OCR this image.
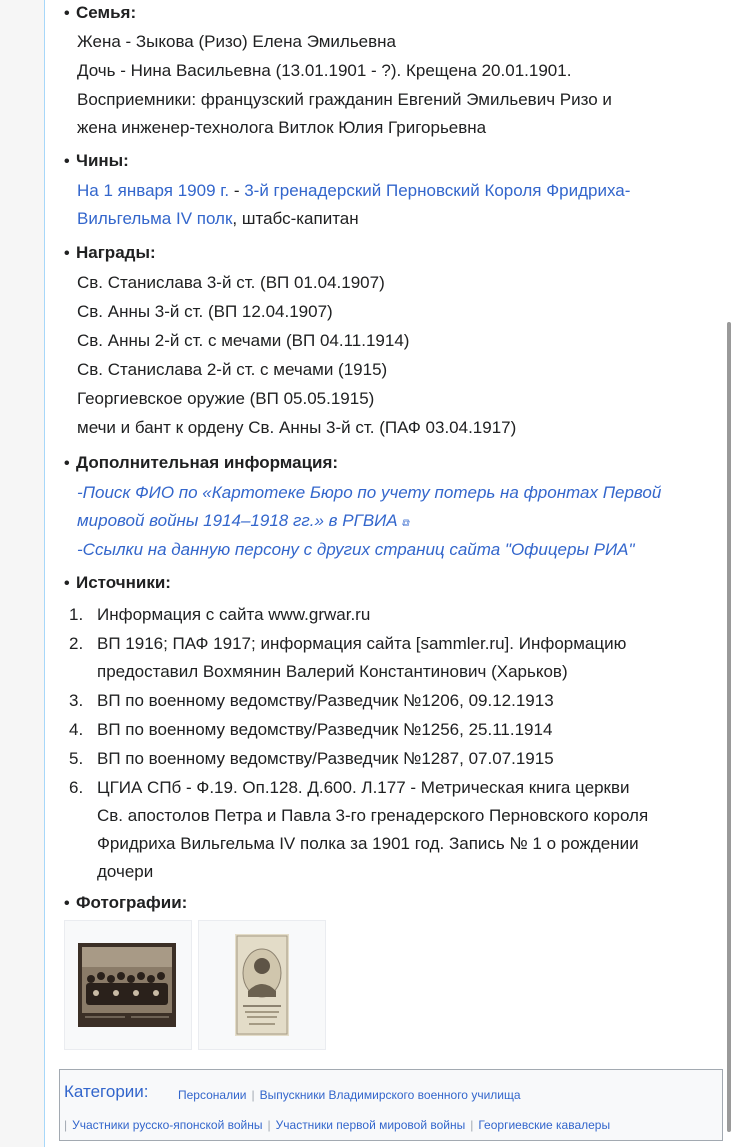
• Семья:
Жена - Зыкова (Ризо) Елена Эмильевна
Дочь - Нина Васильевна (13.01.1901 - ?). Крещена 20.01.1901.
Восприемники: французский гражданин Евгений Эмильевич Ризо и
жена инженер-технолога Витлок Юлия Григорьевна
• Чины:
На 1 января 1909 г. - 3-й гренадерский Перновский Короля Фридриха-
Вильгельма IV полк, штабс-капитан
• Награды:
Св. Станислава 3-й ст. (ВП 01.04.1907)
Св. Анны 3-й ст. (ВП 12.04.1907)
Св. Анны 2-й ст. с мечами (ВП 04.11.1914)
Св. Станислава 2-й ст. с мечами (1915)
Георгиевское оружие (ВП 05.05.1915)
мечи и бант к ордену Св. Анны 3-й ст. (ПАФ 03.04.1917)
• Дополнительная информация:
-Поиск ФИО по «Картотеке Бюро по учету потерь на фронтах Первой
мировой войны 1914–1918 гг.» в РГВИА ⧉
-Ссылки на данную персону с других страниц сайта "Офицеры РИА"
• Источники:
1. Информация с сайта www.grwar.ru
2. ВП 1916; ПАФ 1917; информация сайта [sammler.ru]. Информацию
предоставил Вохмянин Валерий Константинович (Харьков)
3. ВП по военному ведомству/Разведчик №1206, 09.12.1913
4. ВП по военному ведомству/Разведчик №1256, 25.11.1914
5. ВП по военному ведомству/Разведчик №1287, 07.07.1915
6. ЦГИА СПб - Ф.19. Оп.128. Д.600. Л.177 - Метрическая книга церкви
Св. апостолов Петра и Павла 3-го гренадерского Перновского короля
Фридриха Вильгельма IV полка за 1901 год. Запись № 1 о рождении
дочери
• Фотографии:
Категории: Персоналии | Выпускники Владимирского военного училища
| Участники русско-японской войны | Участники первой мировой войны | Георгиевские кавалеры
